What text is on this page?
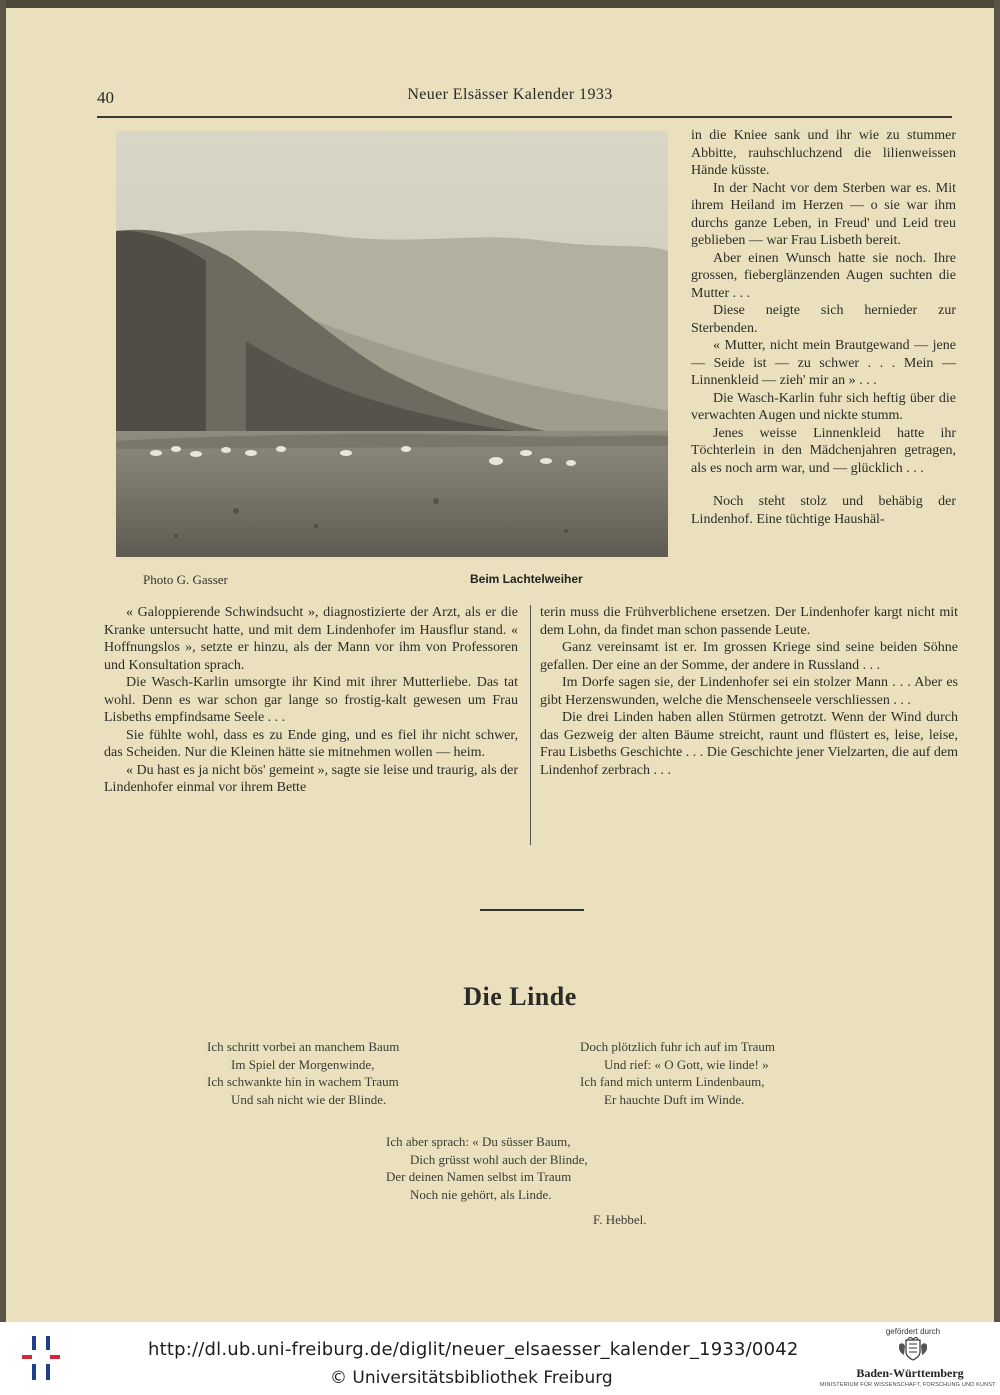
40	Neuer Elsässer Kalender 1933
Photo G. Gasser	Beim Lachtelweiher

in die Kniee sank und ihr wie zu stummer Abbitte, rauhschluchzend die lilienweissen Hände küsste.

In der Nacht vor dem Sterben war es. Mit ihrem Heiland im Herzen — o sie war ihm durchs ganze Leben, in Freud' und Leid treu geblieben — war Frau Lisbeth bereit.

Aber einen Wunsch hatte sie noch. Ihre grossen, fieberglänzenden Augen suchten die Mutter . . .

Diese neigte sich hernieder zur Sterbenden.

« Mutter, nicht mein Brautgewand — jene — Seide ist — zu schwer . . . Mein — Linnenkleid — zieh' mir an » . . .

Die Wasch-Karlin fuhr sich heftig über die verwachten Augen und nickte stumm.

Jenes weisse Linnenkleid hatte ihr Töchterlein in den Mädchenjahren getragen, als es noch arm war, und — glücklich . . .

Noch steht stolz und behäbig der Lindenhof. Eine tüchtige Haushäl-

« Galoppierende Schwindsucht », diagnostizierte der Arzt, als er die Kranke untersucht hatte, und mit dem Lindenhofer im Hausflur stand. « Hoffnungslos », setzte er hinzu, als der Mann vor ihm von Professoren und Konsultation sprach.

Die Wasch-Karlin umsorgte ihr Kind mit ihrer Mutterliebe. Das tat wohl. Denn es war schon gar lange so frostig-kalt gewesen um Frau Lisbeths empfindsame Seele . . .

Sie fühlte wohl, dass es zu Ende ging, und es fiel ihr nicht schwer, das Scheiden. Nur die Kleinen hätte sie mitnehmen wollen — heim.

« Du hast es ja nicht bös' gemeint », sagte sie leise und traurig, als der Lindenhofer einmal vor ihrem Bette

terin muss die Frühverblichene ersetzen. Der Lindenhofer kargt nicht mit dem Lohn, da findet man schon passende Leute.

Ganz vereinsamt ist er. Im grossen Kriege sind seine beiden Söhne gefallen. Der eine an der Somme, der andere in Russland . . .

Im Dorfe sagen sie, der Lindenhofer sei ein stolzer Mann . . . Aber es gibt Herzenswunden, welche die Menschenseele verschliessen . . .

Die drei Linden haben allen Stürmen getrotzt. Wenn der Wind durch das Gezweig der alten Bäume streicht, raunt und flüstert es, leise, leise, Frau Lisbeths Geschichte . . . Die Geschichte jener Vielzarten, die auf dem Lindenhof zerbrach . . .

Die Linde
Ich schritt vorbei an manchem Baum
Im Spiel der Morgenwinde,
Ich schwankte hin in wachem Traum
Und sah nicht wie der Blinde.
Doch plötzlich fuhr ich auf im Traum
Und rief: « O Gott, wie linde! »
Ich fand mich unterm Lindenbaum,
Er hauchte Duft im Winde.
Ich aber sprach: « Du süsser Baum,
Dich grüsst wohl auch der Blinde,
Der deinen Namen selbst im Traum
Noch nie gehört, als Linde.
F. Hebbel.
http://dl.ub.uni-freiburg.de/diglit/neuer_elsaesser_kalender_1933/0042
© Universitätsbibliothek Freiburg
gefördert durch
Baden-Württemberg
MINISTERIUM FÜR WISSENSCHAFT, FORSCHUNG UND KUNST
